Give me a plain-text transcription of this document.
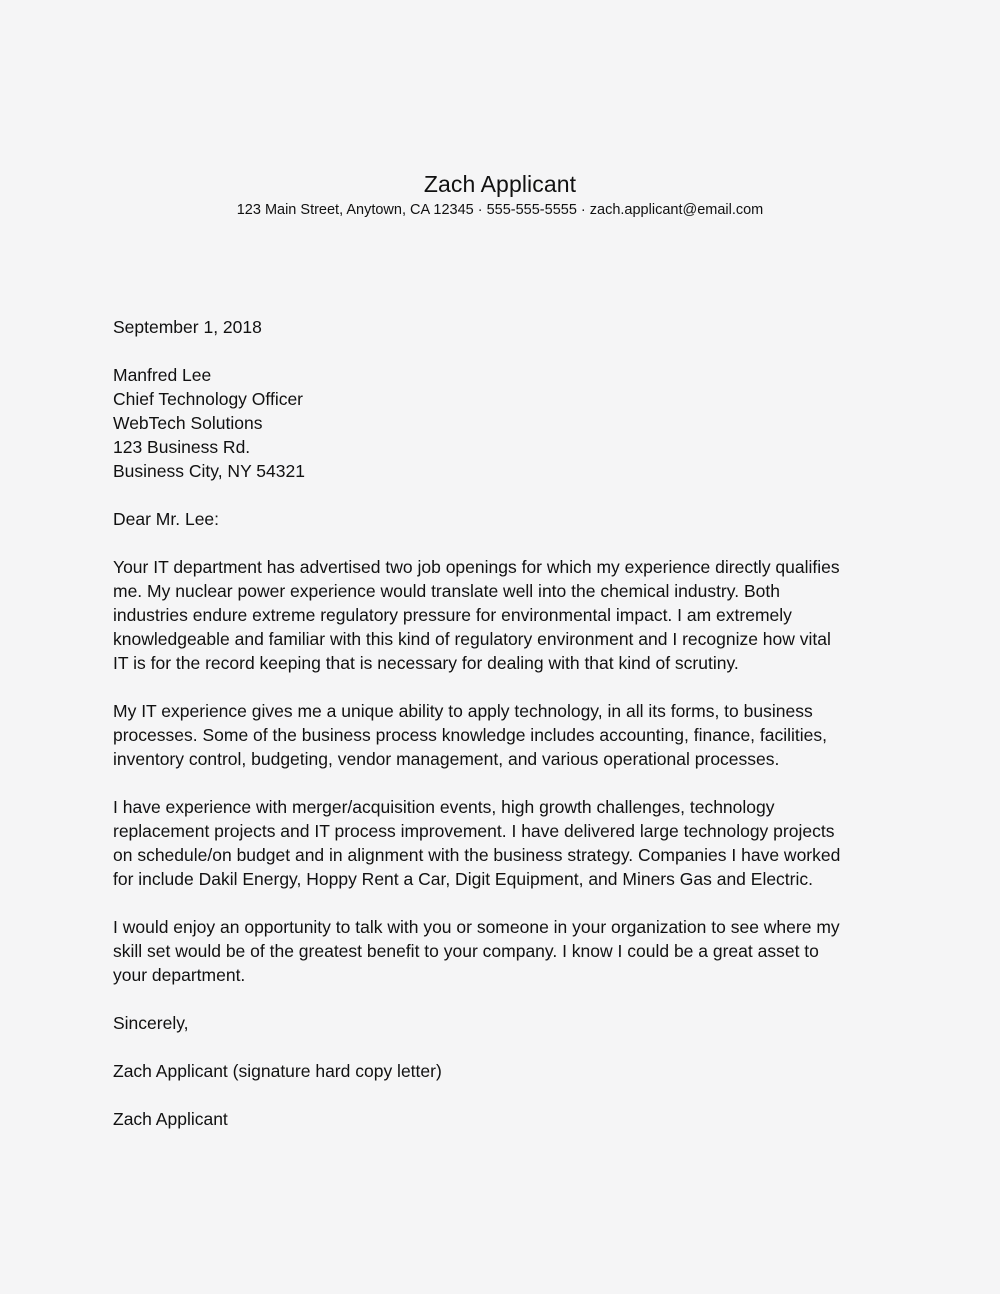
Zach Applicant
123 Main Street, Anytown, CA 12345 · 555-555-5555 · zach.applicant@email.com
September 1, 2018
Manfred Lee
Chief Technology Officer
WebTech Solutions
123 Business Rd.
Business City, NY 54321
Dear Mr. Lee:
Your IT department has advertised two job openings for which my experience directly qualifies
me. My nuclear power experience would translate well into the chemical industry. Both
industries endure extreme regulatory pressure for environmental impact. I am extremely
knowledgeable and familiar with this kind of regulatory environment and I recognize how vital
IT is for the record keeping that is necessary for dealing with that kind of scrutiny.
My IT experience gives me a unique ability to apply technology, in all its forms, to business
processes. Some of the business process knowledge includes accounting, finance, facilities,
inventory control, budgeting, vendor management, and various operational processes.
I have experience with merger/acquisition events, high growth challenges, technology
replacement projects and IT process improvement. I have delivered large technology projects
on schedule/on budget and in alignment with the business strategy. Companies I have worked
for include Dakil Energy, Hoppy Rent a Car, Digit Equipment, and Miners Gas and Electric.
I would enjoy an opportunity to talk with you or someone in your organization to see where my
skill set would be of the greatest benefit to your company. I know I could be a great asset to
your department.
Sincerely,
Zach Applicant (signature hard copy letter)
Zach Applicant
